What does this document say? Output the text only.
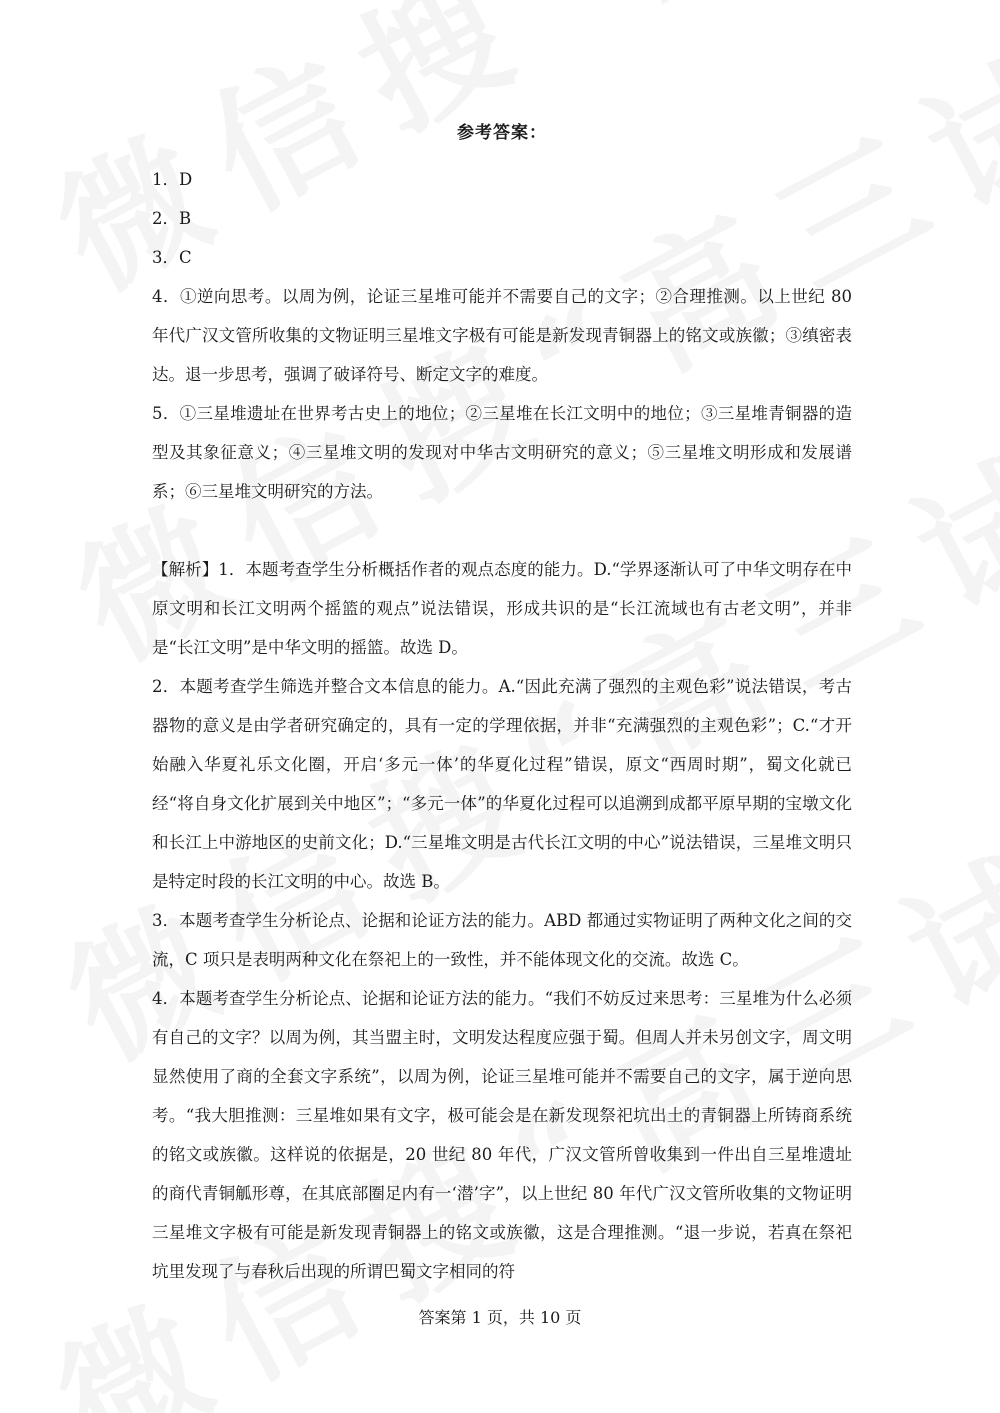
参考答案：

1．D

2．B

3．C

4．①逆向思考。以周为例，论证三星堆可能并不需要自己的文字；②合理推测。以上世纪 80 年代广汉文管所收集的文物证明三星堆文字极有可能是新发现青铜器上的铭文或族徽；③缜密表达。退一步思考，强调了破译符号、断定文字的难度。

5．①三星堆遗址在世界考古史上的地位；②三星堆在长江文明中的地位；③三星堆青铜器的造型及其象征意义；④三星堆文明的发现对中华古文明研究的意义；⑤三星堆文明形成和发展谱系；⑥三星堆文明研究的方法。

【解析】1．本题考查学生分析概括作者的观点态度的能力。D.“学界逐渐认可了中华文明存在中原文明和长江文明两个摇篮的观点”说法错误，形成共识的是“长江流域也有古老文明”，并非是“长江文明”是中华文明的摇篮。故选 D。

2．本题考查学生筛选并整合文本信息的能力。A.“因此充满了强烈的主观色彩”说法错误，考古器物的意义是由学者研究确定的，具有一定的学理依据，并非“充满强烈的主观色彩”；C.“才开始融入华夏礼乐文化圈，开启‘多元一体’的华夏化过程”错误，原文“西周时期”，蜀文化就已经“将自身文化扩展到关中地区”；“多元一体”的华夏化过程可以追溯到成都平原早期的宝墩文化和长江上中游地区的史前文化；D.“三星堆文明是古代长江文明的中心”说法错误，三星堆文明只是特定时段的长江文明的中心。故选 B。

3．本题考查学生分析论点、论据和论证方法的能力。ABD 都通过实物证明了两种文化之间的交流，C 项只是表明两种文化在祭祀上的一致性，并不能体现文化的交流。故选 C。

4．本题考查学生分析论点、论据和论证方法的能力。“我们不妨反过来思考：三星堆为什么必须有自己的文字？以周为例，其当盟主时，文明发达程度应强于蜀。但周人并未另创文字，周文明显然使用了商的全套文字系统”，以周为例，论证三星堆可能并不需要自己的文字，属于逆向思考。“我大胆推测：三星堆如果有文字，极可能会是在新发现祭祀坑出土的青铜器上所铸商系统的铭文或族徽。这样说的依据是，20 世纪 80 年代，广汉文管所曾收集到一件出自三星堆遗址的商代青铜觚形尊，在其底部圈足内有一‘潜’字”，以上世纪 80 年代广汉文管所收集的文物证明三星堆文字极有可能是新发现青铜器上的铭文或族徽，这是合理推测。“退一步说，若真在祭祀坑里发现了与春秋后出现的所谓巴蜀文字相同的符

答案第 1 页，共 10 页
